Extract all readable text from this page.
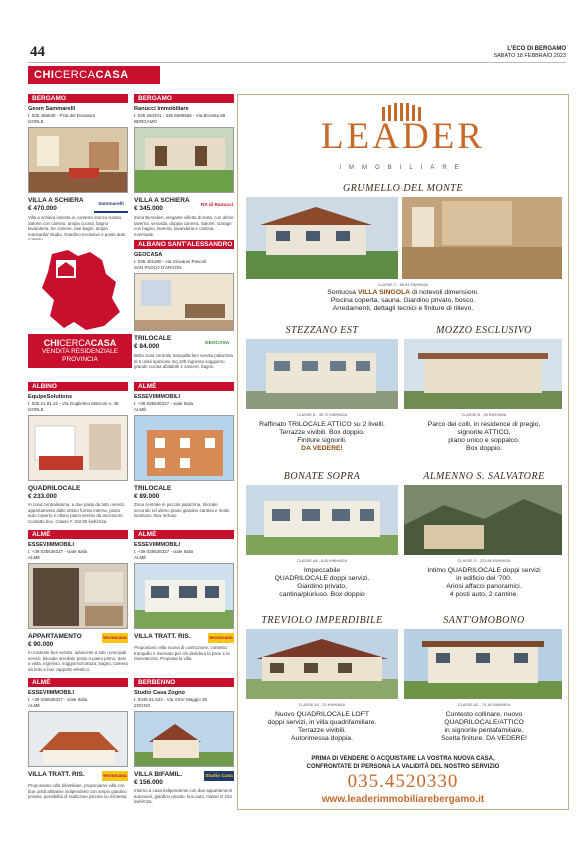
44	L'ECO DI BERGAMO
SABATO 18 FEBBRAIO 2023
CHICERCACASA
BERGAMO
Geom Sammarelli
t. 035.455530 - P.tta del Donatore
GORLE
VILLA A SCHIERA
€ 470.000
Sammarelli
Villa a schiera inserita in contesto storico isolato. Salone con camino, ampia cucina, bagno lavanderia, tre camere, due bagni, ampia mansarda/ studio. Giardino esclusivo e posto auto
BERGAMO
Ranucci Immobiliare
t. 035 260401 - 335 6088565 - Via Broseta 59
BERGAMO
VILLA A SCHIERA
€ 345.000	RS di Ranucci
Zona Bersalieri, elegante villetta di testa, con dehor taverna, veranda, doppia camera. Salone. Garage con bagno, taverna, lavanderia e cantina, eventuale.
CHICERCACASA
VENDITA RESIDENZIALE
PROVINCIA
ALBANO SANT'ALESSANDRO
GEOCASA
t. 035.401280 - via Giovanni Pascoli
SAN PAOLO D'ARGON
TRILOCALE
€ 84.000	GEOCASA
Bella zona centrale tranquilla ben servita palazzina di 5 unità spazioso mq 105 ingresso soggiorno grande cucina abitabile 2 camere, bagno.
ALBINO
EquipeSolutions
t. 035.21.91.22 - Via Guglielmo Marconi n. 48
GORLE
QUADRILOCALE
€ 233.000
In zona centralissima, a due passi da tutti i servizi, appartamento dallo ottimo fornito interno, posto auto coperto e ultimo piano servito da ascensore. Contatto box. Classe F 152,80 kwh/m2a.
ALMÈ
ESSEVIIMMOBILI
t. +39 035636327 - viale Italia
ALMÈ
TRILOCALE
€ 89.000
Zona centrale in piccolo palazzina, trilocale secondo ed ultimo piano giardino cantina e molto luminoso. Box incluso.
ALMÈ
ESSEVIIMMOBILI
t. +39 035636327 - viale Italia
ALMÈ
APPARTAMENTO
€ 90.000
tecnocasa
In contesto ben servito, adiacente a tutti i principali servizi, bilocale arredato posto a piano primo, travi a vista, ingresso, soggiorno/cottura, bagno, camera da letto e box cappotto elettrico.
ALMÈ
ESSEVIIMMOBILI
t. +39 035636327 - viale Italia
ALMÈ
VILLA TRATT. RIS.	tecnocasa
Proponiamo villa nuova di costruzione, contesto tranquillo e riservato per chi desidera la pace e la riservatezza. Proposta la villa.
ALMÈ
ESSEVIIMMOBILI
t. +39 035636327 - viale Italia
ALMÈ
VILLA TRATT. RIS.	tecnocasa
Proponiamo villa bifamiliare, proponiamo villa con due unità abitative indipendenti con ampio giardino privato, possibilità di realizzare piscina su richiesta.
BERBENNO
Studio Casa Zogno
t. 0345.91.623 - Via XXIV Maggio 35
ZOGNO
VILLA BIFAMIL.
€ 156.000
Studio Casa
Intorno a casa indipendente con due appartamenti autonomi, giardino privato, box auto, classe G 234 kwh/m2a.
LEADER
IMMOBILIARE
GRUMELLO DEL MONTE
CLASSE C - 60,81 KWH/M2A
Sontuosa VILLA SINGOLA di notevoli dimensioni.
Piscina coperta, sauna. Giardino privato, bosco.
Arredamenti, dettagli tecnici e finiture di rilievo.
STEZZANO EST	MOZZO ESCLUSIVO
CLASSE B - 35,72 KWH/M2A	CLASSE B - 36 KWH/M2A
Raffinato TRILOCALE ATTICO su 2 livelli.
Terrazze vivibili. Box doppio.
Finiture signorili.
DA VEDERE!
Parco dei colli, in residence di pregio,
signorile ATTICO,
piano unico e soppalco.
Box doppio.
BONATE SOPRA	ALMENNO S. SALVATORE
CLASSE A4 - 8,40 KWH/M2A	CLASSE G - 223,88 KWH/M2A
Impeccabile
QUADRILOCALE doppi servizi.
Giardino privato,
cantina/pluriuso. Box doppio
Intimo QUADRILOCALE doppi servizi
in edificio del '700.
Ariosi affacci panoramici.
4 posti auto, 2 cantine.
TREVIOLO IMPERDIBILE	SANT'OMOBONO
CLASSE A4 - 20 KWH/M2A	CLASSE A2 - 74,18 KWH/M2A
Nuovo QUADRILOCALE LOFT
doppi servizi, in villa quadrifamiliare.
Terrazze vivibili.
Autorimessa doppia.
Contesto collinare, nuovo
QUADRILOCALE/ATTICO
in signorile pentafamiliare.
Scelta finiture. DA VEDERE!
PRIMA DI VENDERE O ACQUISTARE LA VOSTRA NUOVA CASA,
CONFRONTATE DI PERSONA LA VALIDITÀ DEL NOSTRO SERVIZIO
035.4520330
www.leaderimmobiliarebergamo.it
